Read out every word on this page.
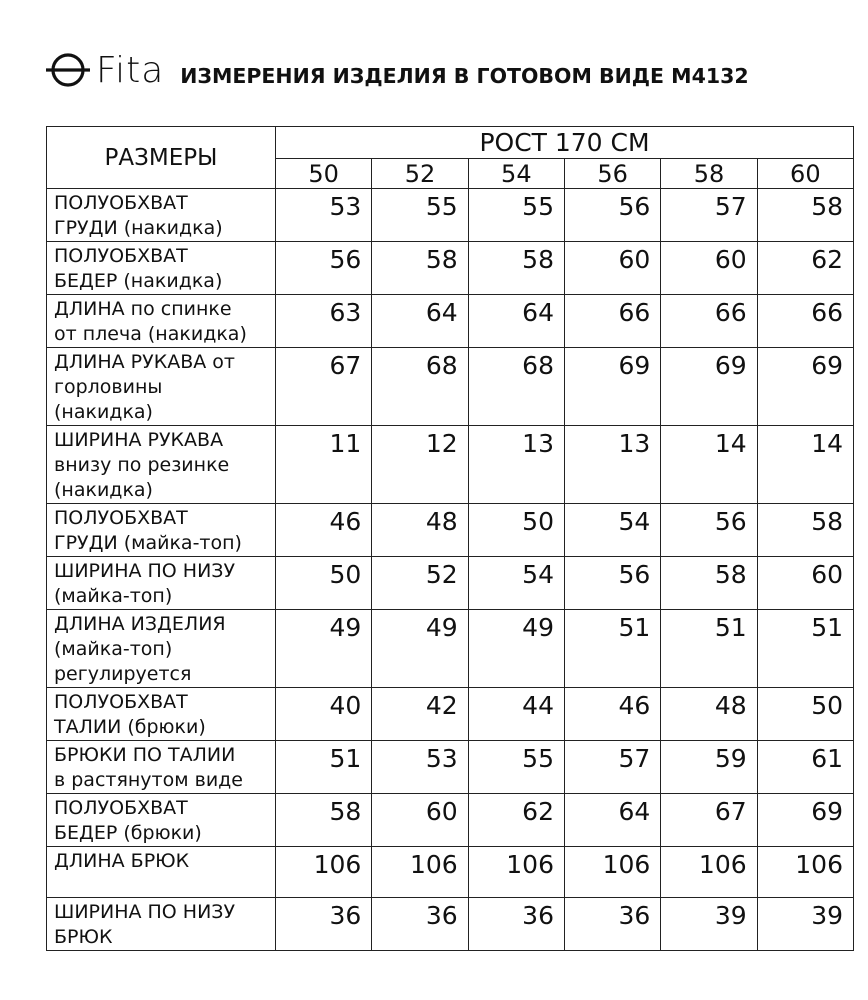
Fita ИЗМЕРЕНИЯ ИЗДЕЛИЯ В ГОТОВОМ ВИДЕ М4132
РАЗМЕРЫ	РОСТ 170 СМ					
	50	52	54	56	58	60

ПОЛУОБХВАТ
ГРУДИ (накидка)	53	55	55	56	57	58

ПОЛУОБХВАТ
БЕДЕР (накидка)	56	58	58	60	60	62

ДЛИНА по спинке
от плеча (накидка)	63	64	64	66	66	66

ДЛИНА РУКАВА от
горловины
(накидка)	67	68	68	69	69	69

ШИРИНА РУКАВА
внизу по резинке
(накидка)	11	12	13	13	14	14

ПОЛУОБХВАТ
ГРУДИ (майка-топ)	46	48	50	54	56	58

ШИРИНА ПО НИЗУ
(майка-топ)	50	52	54	56	58	60

ДЛИНА ИЗДЕЛИЯ
(майка-топ)
регулируется	49	49	49	51	51	51

ПОЛУОБХВАТ
ТАЛИИ (брюки)	40	42	44	46	48	50

БРЮКИ ПО ТАЛИИ
в растянутом виде	51	53	55	57	59	61

ПОЛУОБХВАТ
БЕДЕР (брюки)	58	60	62	64	67	69

ДЛИНА БРЮК	106	106	106	106	106	106

ШИРИНА ПО НИЗУ
БРЮК	36	36	36	36	39	39
